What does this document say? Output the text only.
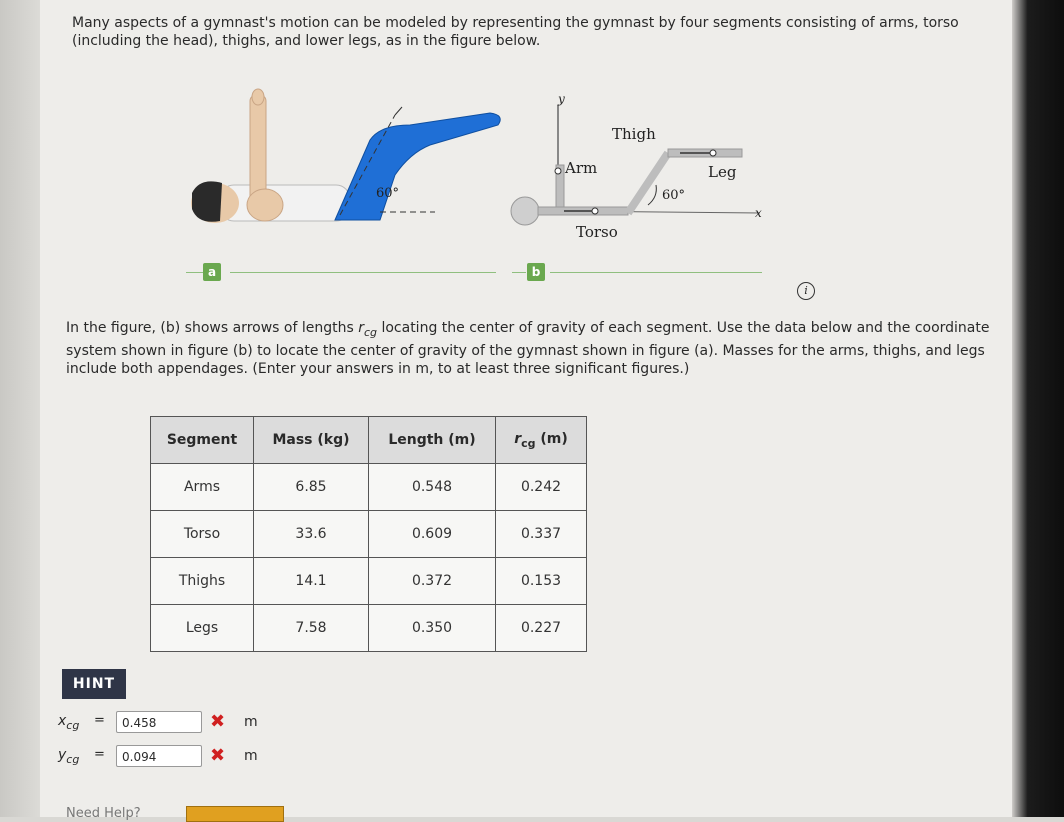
Many aspects of a gymnast's motion can be modeled by representing the gymnast by four segments consisting of arms, torso (including the head), thighs, and lower legs, as in the figure below.
60°
y
x
Arm
Thigh
Leg
60°
Torso
a	b
i
In the figure, (b) shows arrows of lengths $r_{cg}$ locating the center of gravity of each segment. Use the data below and the coordinate system shown in figure (b) to locate the center of gravity of the gymnast shown in figure (a). Masses for the arms, thighs, and legs include both appendages. (Enter your answers in m, to at least three significant figures.)
Segment	Mass (kg)	Length (m)	$r_{cg}$ (m)
Arms	6.85	0.548	0.242
Torso	33.6	0.609	0.337
Thighs	14.1	0.372	0.153
Legs	7.58	0.350	0.227
HINT
$x_{cg}$ =	0.458	✖ m
$y_{cg}$ =	0.094	✖ m
Need Help?
